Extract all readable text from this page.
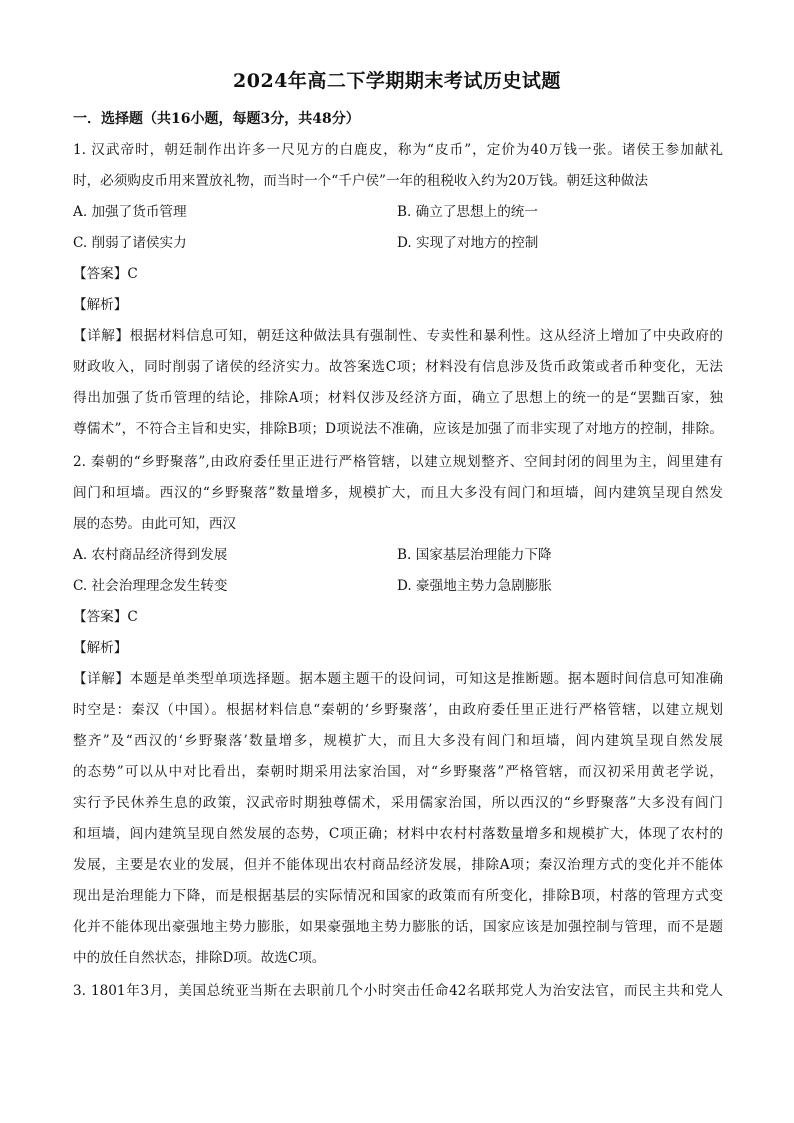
2024年高二下学期期末考试历史试题
一．选择题（共16小题，每题3分，共48分）
1. 汉武帝时，朝廷制作出许多一尺见方的白鹿皮，称为“皮币”，定价为40万钱一张。诸侯王参加献礼
时，必须购皮币用来置放礼物，而当时一个“千户侯”一年的租税收入约为20万钱。朝廷这种做法
A. 加强了货币管理	B. 确立了思想上的统一
C. 削弱了诸侯实力	D. 实现了对地方的控制
【答案】C
【解析】
【详解】根据材料信息可知，朝廷这种做法具有强制性、专卖性和暴利性。这从经济上增加了中央政府的
财政收入，同时削弱了诸侯的经济实力。故答案选C项；材料没有信息涉及货币政策或者币种变化，无法
得出加强了货币管理的结论，排除A项；材料仅涉及经济方面，确立了思想上的统一的是“罢黜百家，独
尊儒术”，不符合主旨和史实，排除B项；D项说法不准确，应该是加强了而非实现了对地方的控制，排除。
2. 秦朝的“乡野聚落”,由政府委任里正进行严格管辖，以建立规划整齐、空间封闭的闾里为主，闾里建有
闾门和垣墙。西汉的“乡野聚落”数量增多，规模扩大，而且大多没有闾门和垣墙，闾内建筑呈现自然发
展的态势。由此可知，西汉
A. 农村商品经济得到发展	B. 国家基层治理能力下降
C. 社会治理理念发生转变	D. 豪强地主势力急剧膨胀
【答案】C
【解析】
【详解】本题是单类型单项选择题。据本题主题干的设问词，可知这是推断题。据本题时间信息可知准确
时空是：秦汉（中国）。根据材料信息“秦朝的‘乡野聚落’，由政府委任里正进行严格管辖，以建立规划
整齐”及“西汉的‘乡野聚落’数量增多，规模扩大，而且大多没有闾门和垣墙，闾内建筑呈现自然发展
的态势”可以从中对比看出，秦朝时期采用法家治国，对“乡野聚落”严格管辖，而汉初采用黄老学说，
实行予民休养生息的政策，汉武帝时期独尊儒术，采用儒家治国，所以西汉的“乡野聚落”大多没有闾门
和垣墙，闾内建筑呈现自然发展的态势，C项正确；材料中农村村落数量增多和规模扩大，体现了农村的
发展，主要是农业的发展，但并不能体现出农村商品经济发展，排除A项；秦汉治理方式的变化并不能体
现出是治理能力下降，而是根据基层的实际情况和国家的政策而有所变化，排除B项，村落的管理方式变
化并不能体现出豪强地主势力膨胀，如果豪强地主势力膨胀的话，国家应该是加强控制与管理，而不是题
中的放任自然状态，排除D项。故选C项。
3. 1801年3月，美国总统亚当斯在去职前几个小时突击任命42名联邦党人为治安法官，而民主共和党人
